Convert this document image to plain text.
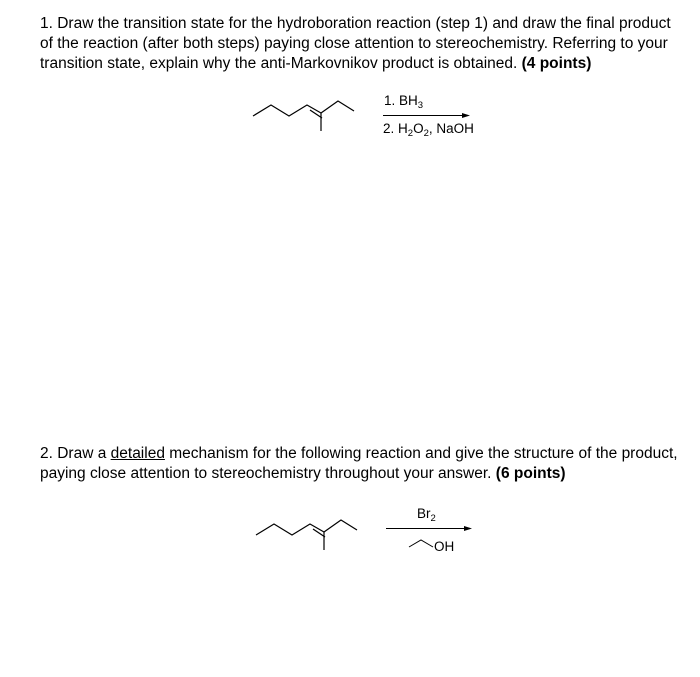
1. Draw the transition state for the hydroboration reaction (step 1) and draw the final product of the reaction (after both steps) paying close attention to stereochemistry. Referring to your transition state, explain why the anti-Markovnikov product is obtained. (4 points)
1. $BH_3$
2. $H_2O_2$, NaOH
2. Draw a detailed mechanism for the following reaction and give the structure of the product, paying close attention to stereochemistry throughout your answer. (6 points)
$Br_2$
OH
